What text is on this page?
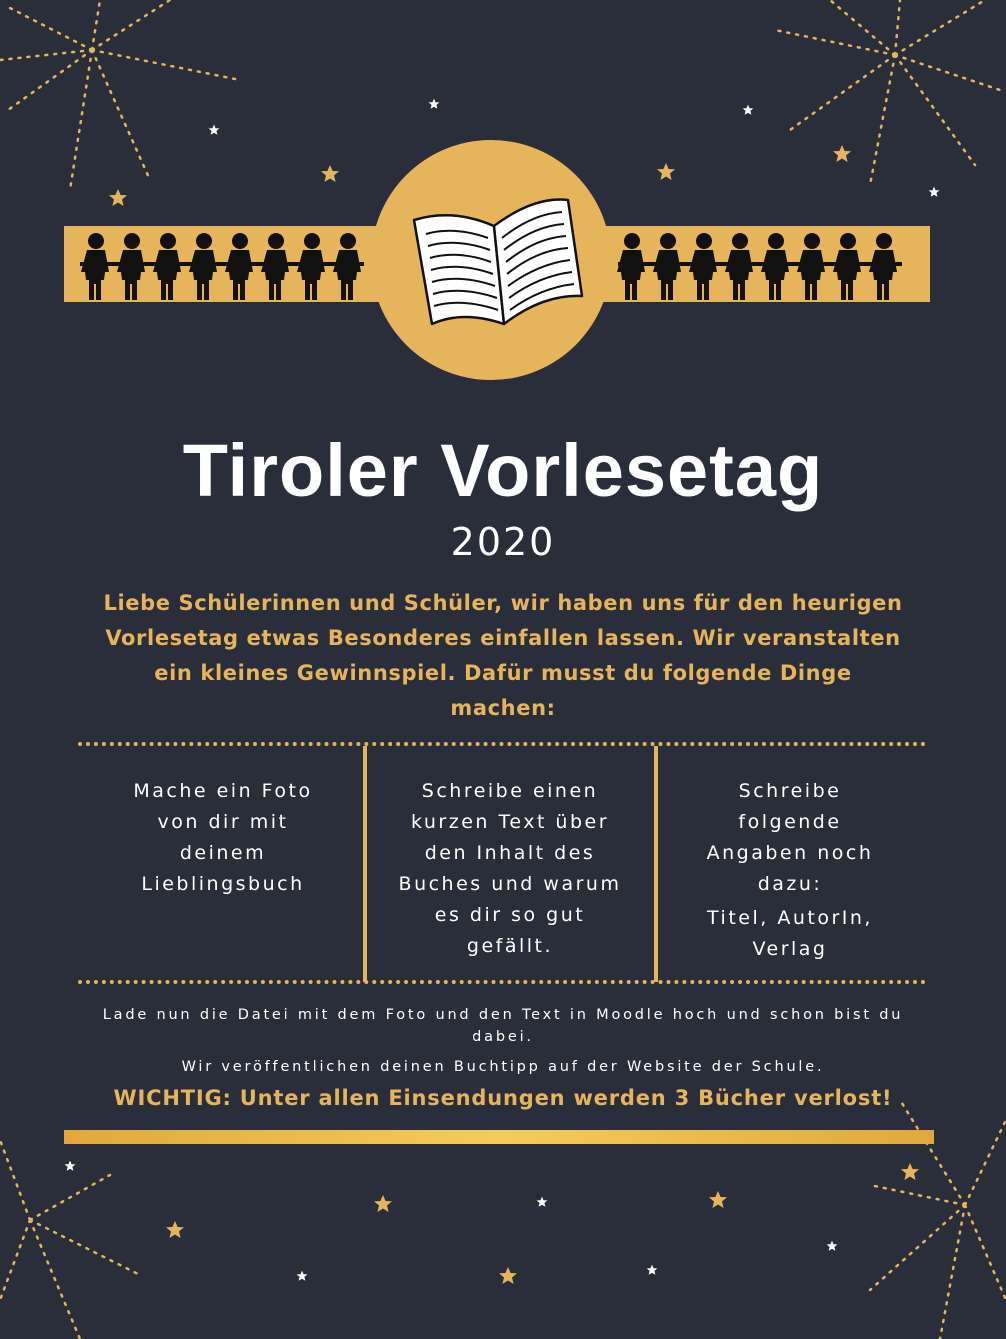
Tiroler Vorlesetag
2020
Liebe Schülerinnen und Schüler, wir haben uns für den heurigen Vorlesetag etwas Besonderes einfallen lassen. Wir veranstalten ein kleines Gewinnspiel. Dafür musst du folgende Dinge machen:
Mache ein Foto von dir mit deinem Lieblingsbuch
Schreibe einen kurzen Text über den Inhalt des Buches und warum es dir so gut gefällt.
Schreibe folgende Angaben noch dazu:
Titel, AutorIn, Verlag
Lade nun die Datei mit dem Foto und den Text in Moodle hoch und schon bist du dabei.
Wir veröffentlichen deinen Buchtipp auf der Website der Schule.
WICHTIG: Unter allen Einsendungen werden 3 Bücher verlost!
